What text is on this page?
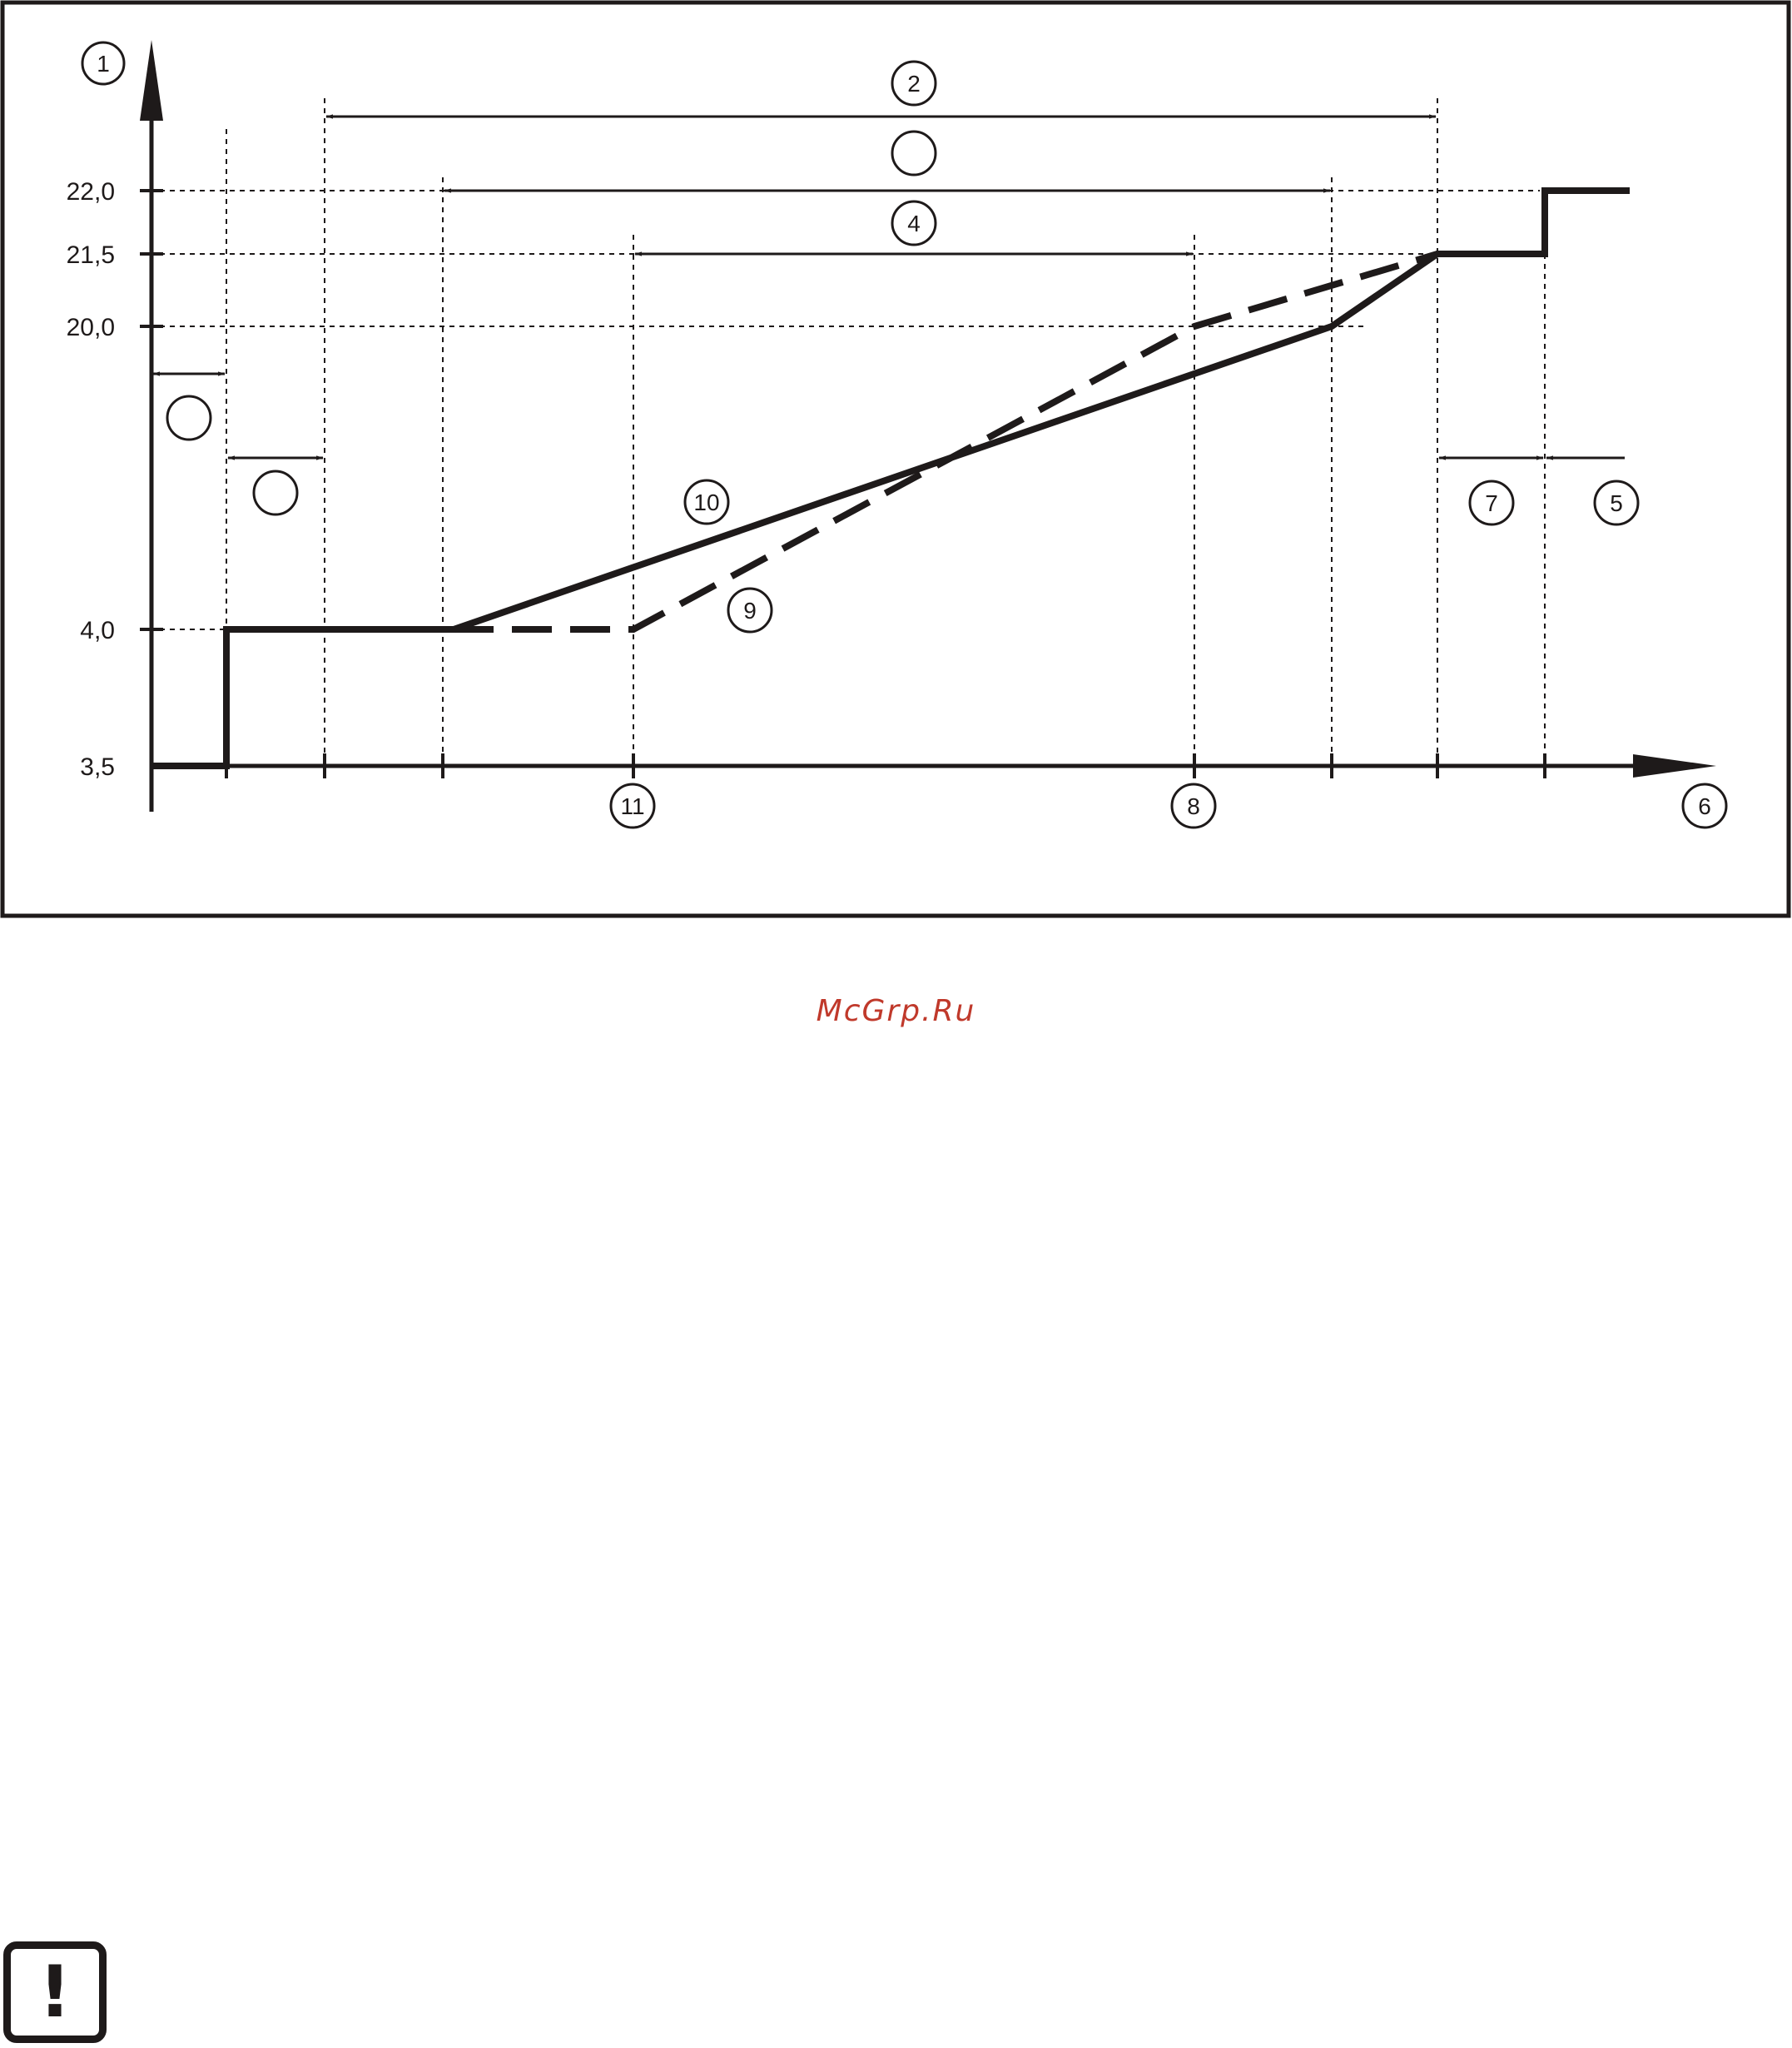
22,0
21,5
20,0
4,0
3,5
1
2
4
10
9
7	5
11	8	6
McGrp.Ru
!
